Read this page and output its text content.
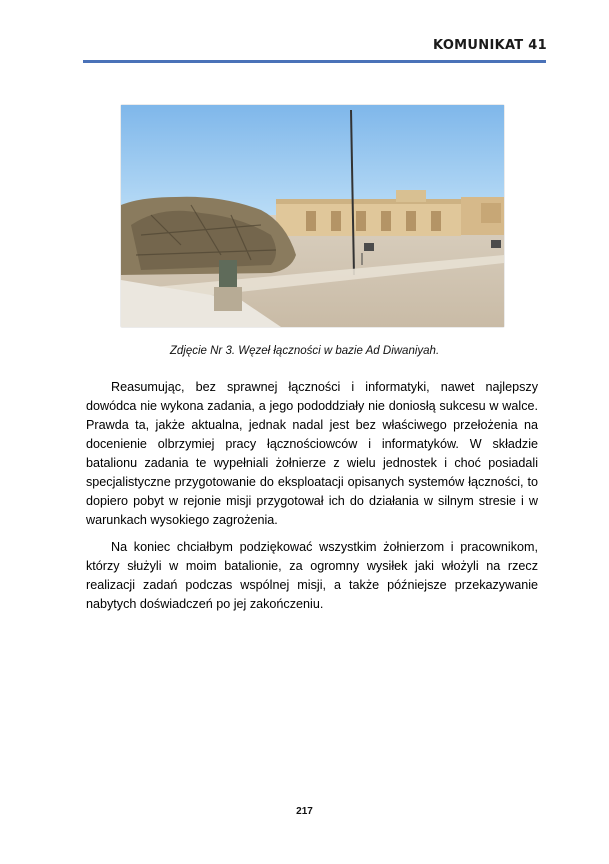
KOMUNIKAT 41
Zdjęcie Nr 3. Węzeł łączności w bazie Ad Diwaniyah.

Reasumując, bez sprawnej łączności i informatyki, nawet najlepszy dowódca nie wykona zadania, a jego pododdziały nie doniosłą sukcesu w walce. Prawda ta, jakże aktualna, jednak nadal jest bez właściwego przełożenia na docenienie olbrzymiej pracy łącznościowców i informatyków. W składzie batalionu zadania te wypełniali żołnierze z wielu jednostek i choć posiadali specjalistyczne przygotowanie do eksploatacji opisanych systemów łączności, to dopiero pobyt w rejonie misji przygotował ich do działania w silnym stresie i w warunkach wysokiego zagrożenia.

Na koniec chciałbym podziękować wszystkim żołnierzom i pracownikom, którzy służyli w moim batalionie, za ogromny wysiłek jaki włożyli na rzecz realizacji zadań podczas wspólnej misji, a także późniejsze przekazywanie nabytych doświadczeń po jej zakończeniu.

217
